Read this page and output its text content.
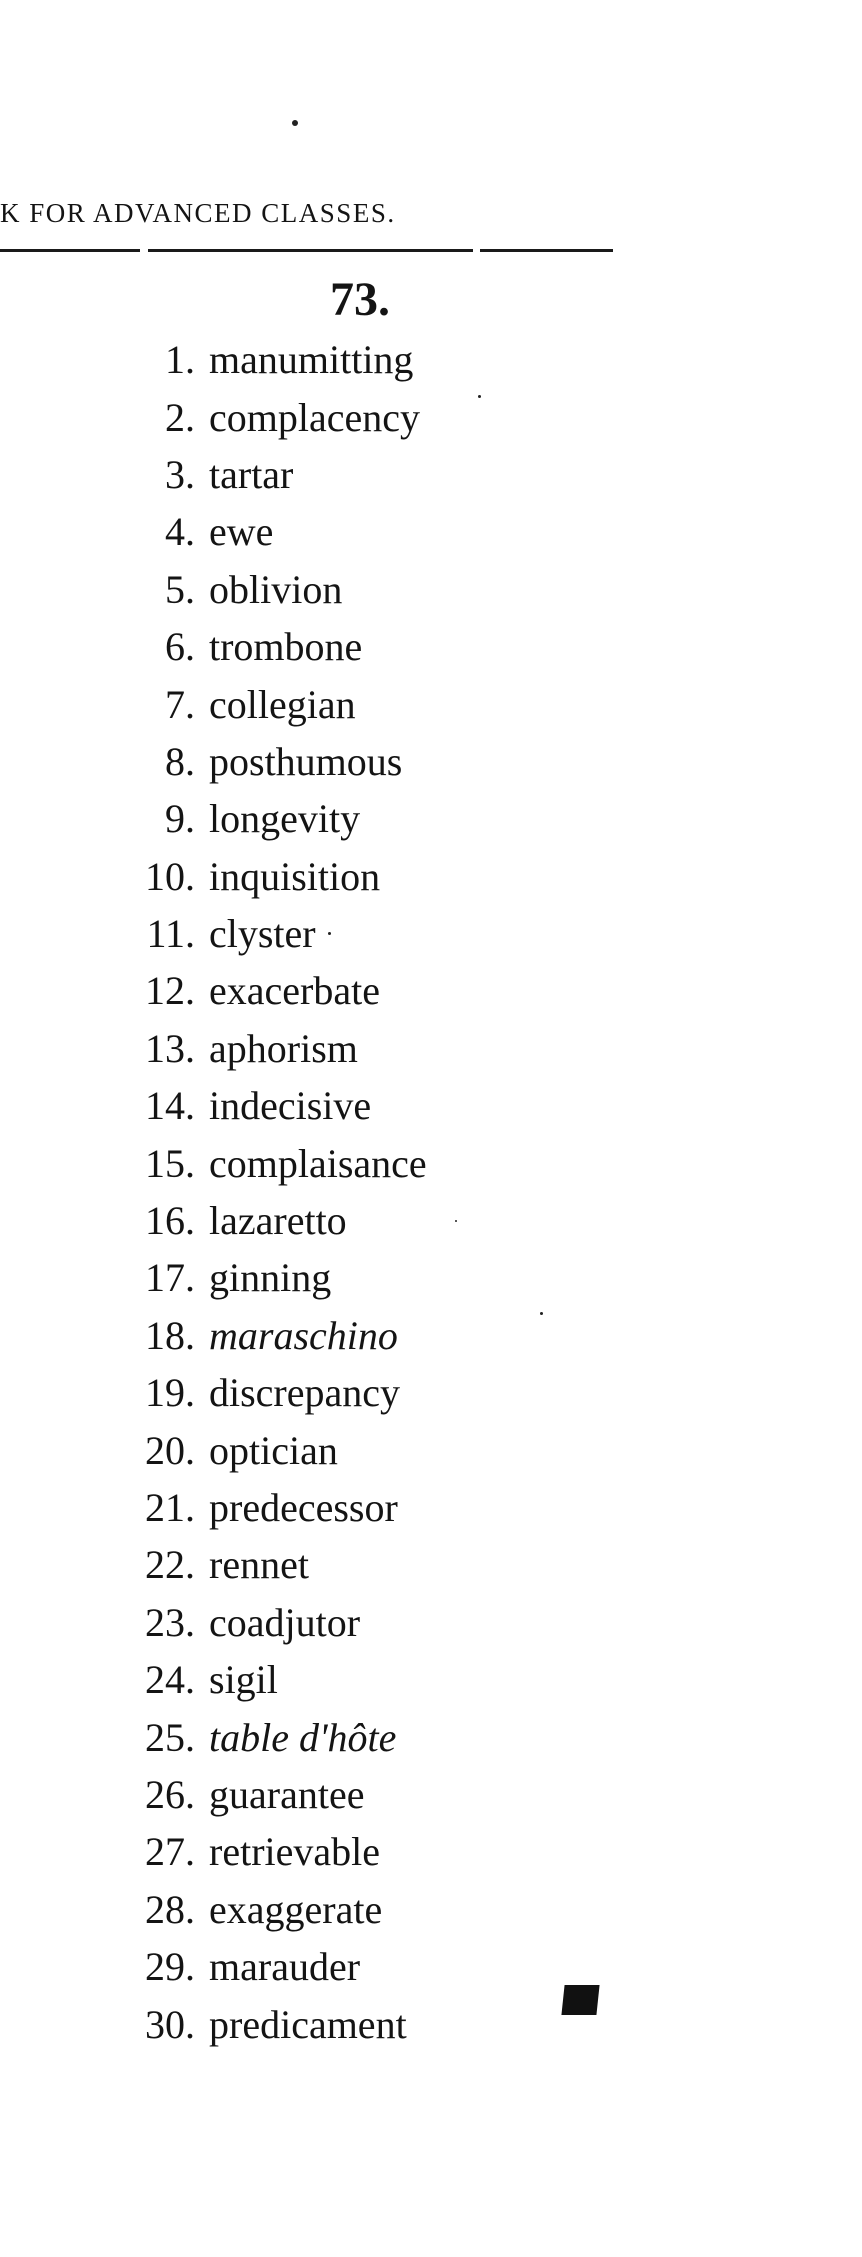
K FOR ADVANCED CLASSES.
73.
1. manumitting
2. complacency
3. tartar
4. ewe
5. oblivion
6. trombone
7. collegian
8. posthumous
9. longevity
10. inquisition
11. clyster
12. exacerbate
13. aphorism
14. indecisive
15. complaisance
16. lazaretto
17. ginning
18. maraschino
19. discrepancy
20. optician
21. predecessor
22. rennet
23. coadjutor
24. sigil
25. table d'hôte
26. guarantee
27. retrievable
28. exaggerate
29. marauder
30. predicament
